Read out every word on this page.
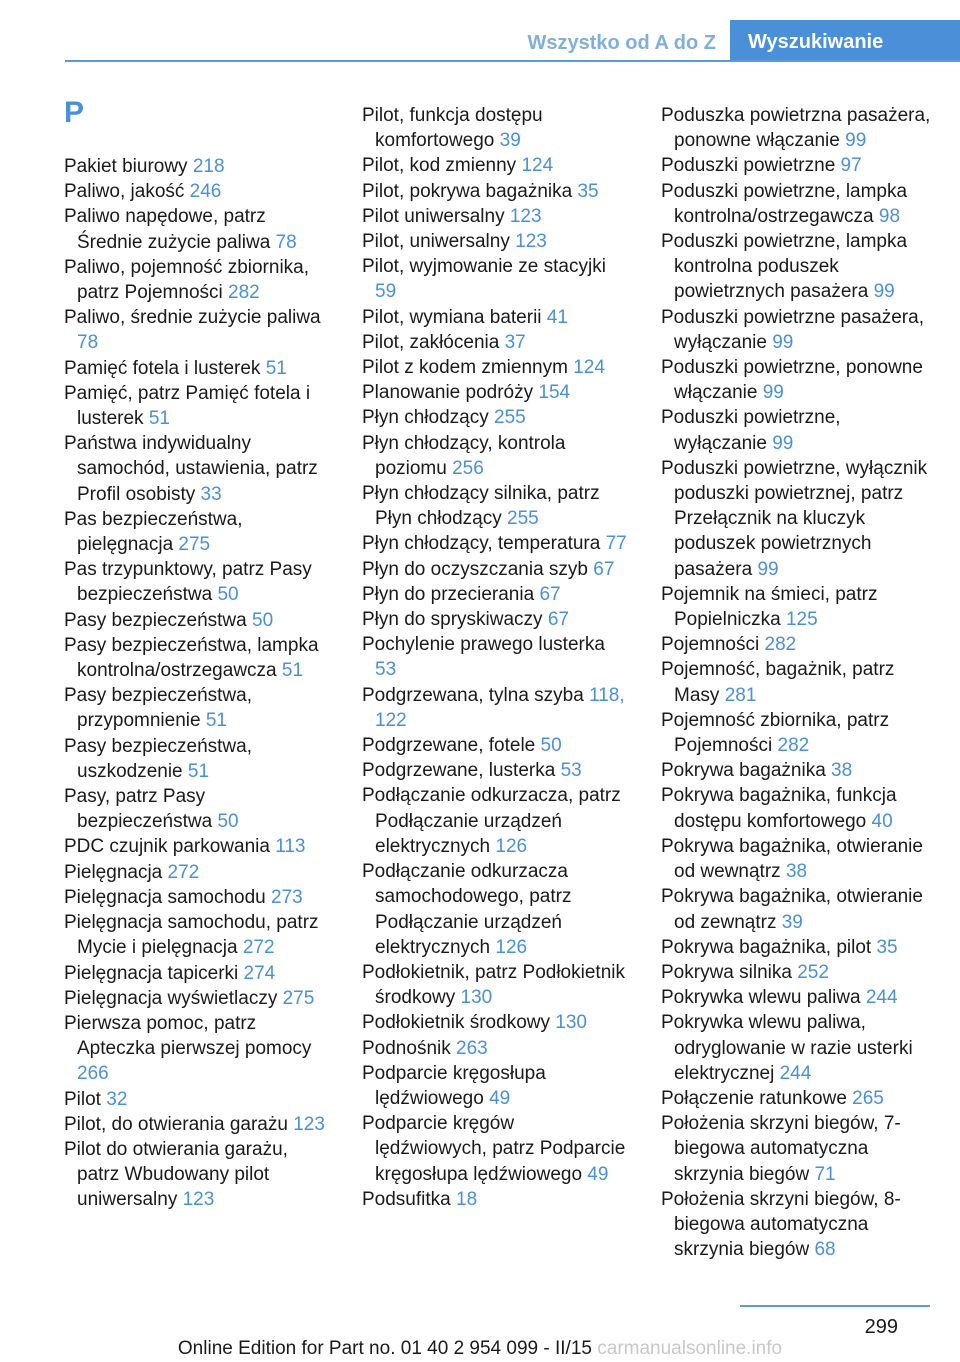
Wszystko od A do Z	Wyszukiwanie
P

Pakiet biurowy 218

Paliwo, jakość 246

Paliwo napędowe, patrz Średnie zużycie paliwa 78

Paliwo, pojemność zbiornika, patrz Pojemności 282

Paliwo, średnie zużycie paliwa 78

Pamięć fotela i lusterek 51

Pamięć, patrz Pamięć fotela i lusterek 51

Państwa indywidualny samochód, ustawienia, patrz Profil osobisty 33

Pas bezpieczeństwa, pielęgnacja 275

Pas trzypunktowy, patrz Pasy bezpieczeństwa 50

Pasy bezpieczeństwa 50

Pasy bezpieczeństwa, lampka kontrolna/ostrzegawcza 51

Pasy bezpieczeństwa, przypomnienie 51

Pasy bezpieczeństwa, uszkodzenie 51

Pasy, patrz Pasy bezpieczeństwa 50

PDC czujnik parkowania 113

Pielęgnacja 272

Pielęgnacja samochodu 273

Pielęgnacja samochodu, patrz Mycie i pielęgnacja 272

Pielęgnacja tapicerki 274

Pielęgnacja wyświetlaczy 275

Pierwsza pomoc, patrz Apteczka pierwszej pomocy 266

Pilot 32

Pilot, do otwierania garażu 123

Pilot do otwierania garażu, patrz Wbudowany pilot uniwersalny 123

Pilot, funkcja dostępu komfortowego 39

Pilot, kod zmienny 124

Pilot, pokrywa bagażnika 35

Pilot uniwersalny 123

Pilot, uniwersalny 123

Pilot, wyjmowanie ze stacyjki 59

Pilot, wymiana baterii 41

Pilot, zakłócenia 37

Pilot z kodem zmiennym 124

Planowanie podróży 154

Płyn chłodzący 255

Płyn chłodzący, kontrola poziomu 256

Płyn chłodzący silnika, patrz Płyn chłodzący 255

Płyn chłodzący, temperatura 77

Płyn do oczyszczania szyb 67

Płyn do przecierania 67

Płyn do spryskiwaczy 67

Pochylenie prawego lusterka 53

Podgrzewana, tylna szyba 118, 122

Podgrzewane, fotele 50

Podgrzewane, lusterka 53

Podłączanie odkurzacza, patrz Podłączanie urządzeń elektrycznych 126

Podłączanie odkurzacza samochodowego, patrz Podłączanie urządzeń elektrycznych 126

Podłokietnik, patrz Podłokietnik środkowy 130

Podłokietnik środkowy 130

Podnośnik 263

Podparcie kręgosłupa lędźwiowego 49

Podparcie kręgów lędźwiowych, patrz Podparcie kręgosłupa lędźwiowego 49

Podsufitka 18

Poduszka powietrzna pasażera, ponowne włączanie 99

Poduszki powietrzne 97

Poduszki powietrzne, lampka kontrolna/ostrzegawcza 98

Poduszki powietrzne, lampka kontrolna poduszek powietrznych pasażera 99

Poduszki powietrzne pasażera, wyłączanie 99

Poduszki powietrzne, ponowne włączanie 99

Poduszki powietrzne, wyłączanie 99

Poduszki powietrzne, wyłącznik poduszki powietrznej, patrz Przełącznik na kluczyk poduszek powietrznych pasażera 99

Pojemnik na śmieci, patrz Popielniczka 125

Pojemności 282

Pojemność, bagażnik, patrz Masy 281

Pojemność zbiornika, patrz Pojemności 282

Pokrywa bagażnika 38

Pokrywa bagażnika, funkcja dostępu komfortowego 40

Pokrywa bagażnika, otwieranie od wewnątrz 38

Pokrywa bagażnika, otwieranie od zewnątrz 39

Pokrywa bagażnika, pilot 35

Pokrywa silnika 252

Pokrywka wlewu paliwa 244

Pokrywka wlewu paliwa, odryglowanie w razie usterki elektrycznej 244

Połączenie ratunkowe 265

Położenia skrzyni biegów, 7-biegowa automatyczna skrzynia biegów 71

Położenia skrzyni biegów, 8-biegowa automatyczna skrzynia biegów 68

299
Online Edition for Part no. 01 40 2 954 099 - II/15 carmanualsonline.info
